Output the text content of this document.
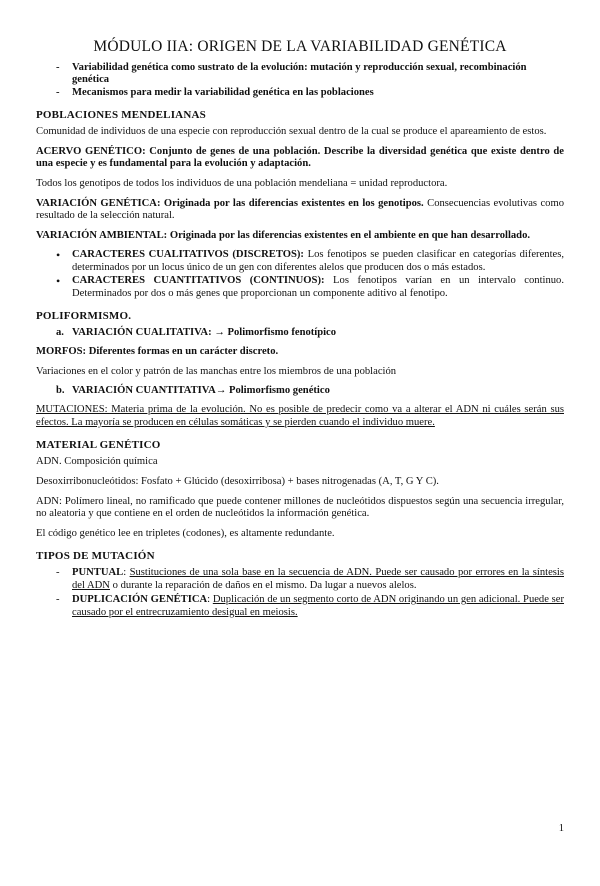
MÓDULO IIA: ORIGEN DE LA VARIABILIDAD GENÉTICA
- Variabilidad genética como sustrato de la evolución: mutación y reproducción sexual, recombinación genética
- Mecanismos para medir la variabilidad genética en las poblaciones
POBLACIONES MENDELIANAS

Comunidad de individuos de una especie con reproducción sexual dentro de la cual se produce el apareamiento de estos.

ACERVO GENÉTICO: Conjunto de genes de una población. Describe la diversidad genética que existe dentro de una especie y es fundamental para la evolución y adaptación.

Todos los genotipos de todos los individuos de una población mendeliana = unidad reproductora.

VARIACIÓN GENÉTICA: Originada por las diferencias existentes en los genotipos. Consecuencias evolutivas como resultado de la selección natural.

VARIACIÓN AMBIENTAL: Originada por las diferencias existentes en el ambiente en que han desarrollado.

• CARACTERES CUALITATIVOS (DISCRETOS): Los fenotipos se pueden clasificar en categorías diferentes, determinados por un locus único de un gen con diferentes alelos que producen dos o más estados.
• CARACTERES CUANTITATIVOS (CONTINUOS): Los fenotipos varían en un intervalo continuo. Determinados por dos o más genes que proporcionan un componente aditivo al fenotipo.
POLIFORMISMO.
a. VARIACIÓN CUALITATIVA: → Polimorfismo fenotípico

MORFOS: Diferentes formas en un carácter discreto.

Variaciones en el color y patrón de las manchas entre los miembros de una población

b. VARIACIÓN CUANTITATIVA→ Polimorfismo genético

MUTACIONES: Materia prima de la evolución. No es posible de predecir como va a alterar el ADN ni cuáles serán sus efectos. La mayoría se producen en células somáticas y se pierden cuando el individuo muere.

MATERIAL GENÉTICO

ADN. Composición química

Desoxirribonucleótidos: Fosfato + Glúcido (desoxirribosa) + bases nitrogenadas (A, T, G Y C).

ADN: Polímero lineal, no ramificado que puede contener millones de nucleótidos dispuestos según una secuencia irregular, no aleatoria y que contiene en el orden de nucleótidos la información genética.

El código genético lee en tripletes (codones), es altamente redundante.

TIPOS DE MUTACIÓN
- PUNTUAL: Sustituciones de una sola base en la secuencia de ADN. Puede ser causado por errores en la síntesis del ADN o durante la reparación de daños en el mismo. Da lugar a nuevos alelos.
- DUPLICACIÓN GENÉTICA: Duplicación de un segmento corto de ADN originando un gen adicional. Puede ser causado por el entrecruzamiento desigual en meiosis.
1
